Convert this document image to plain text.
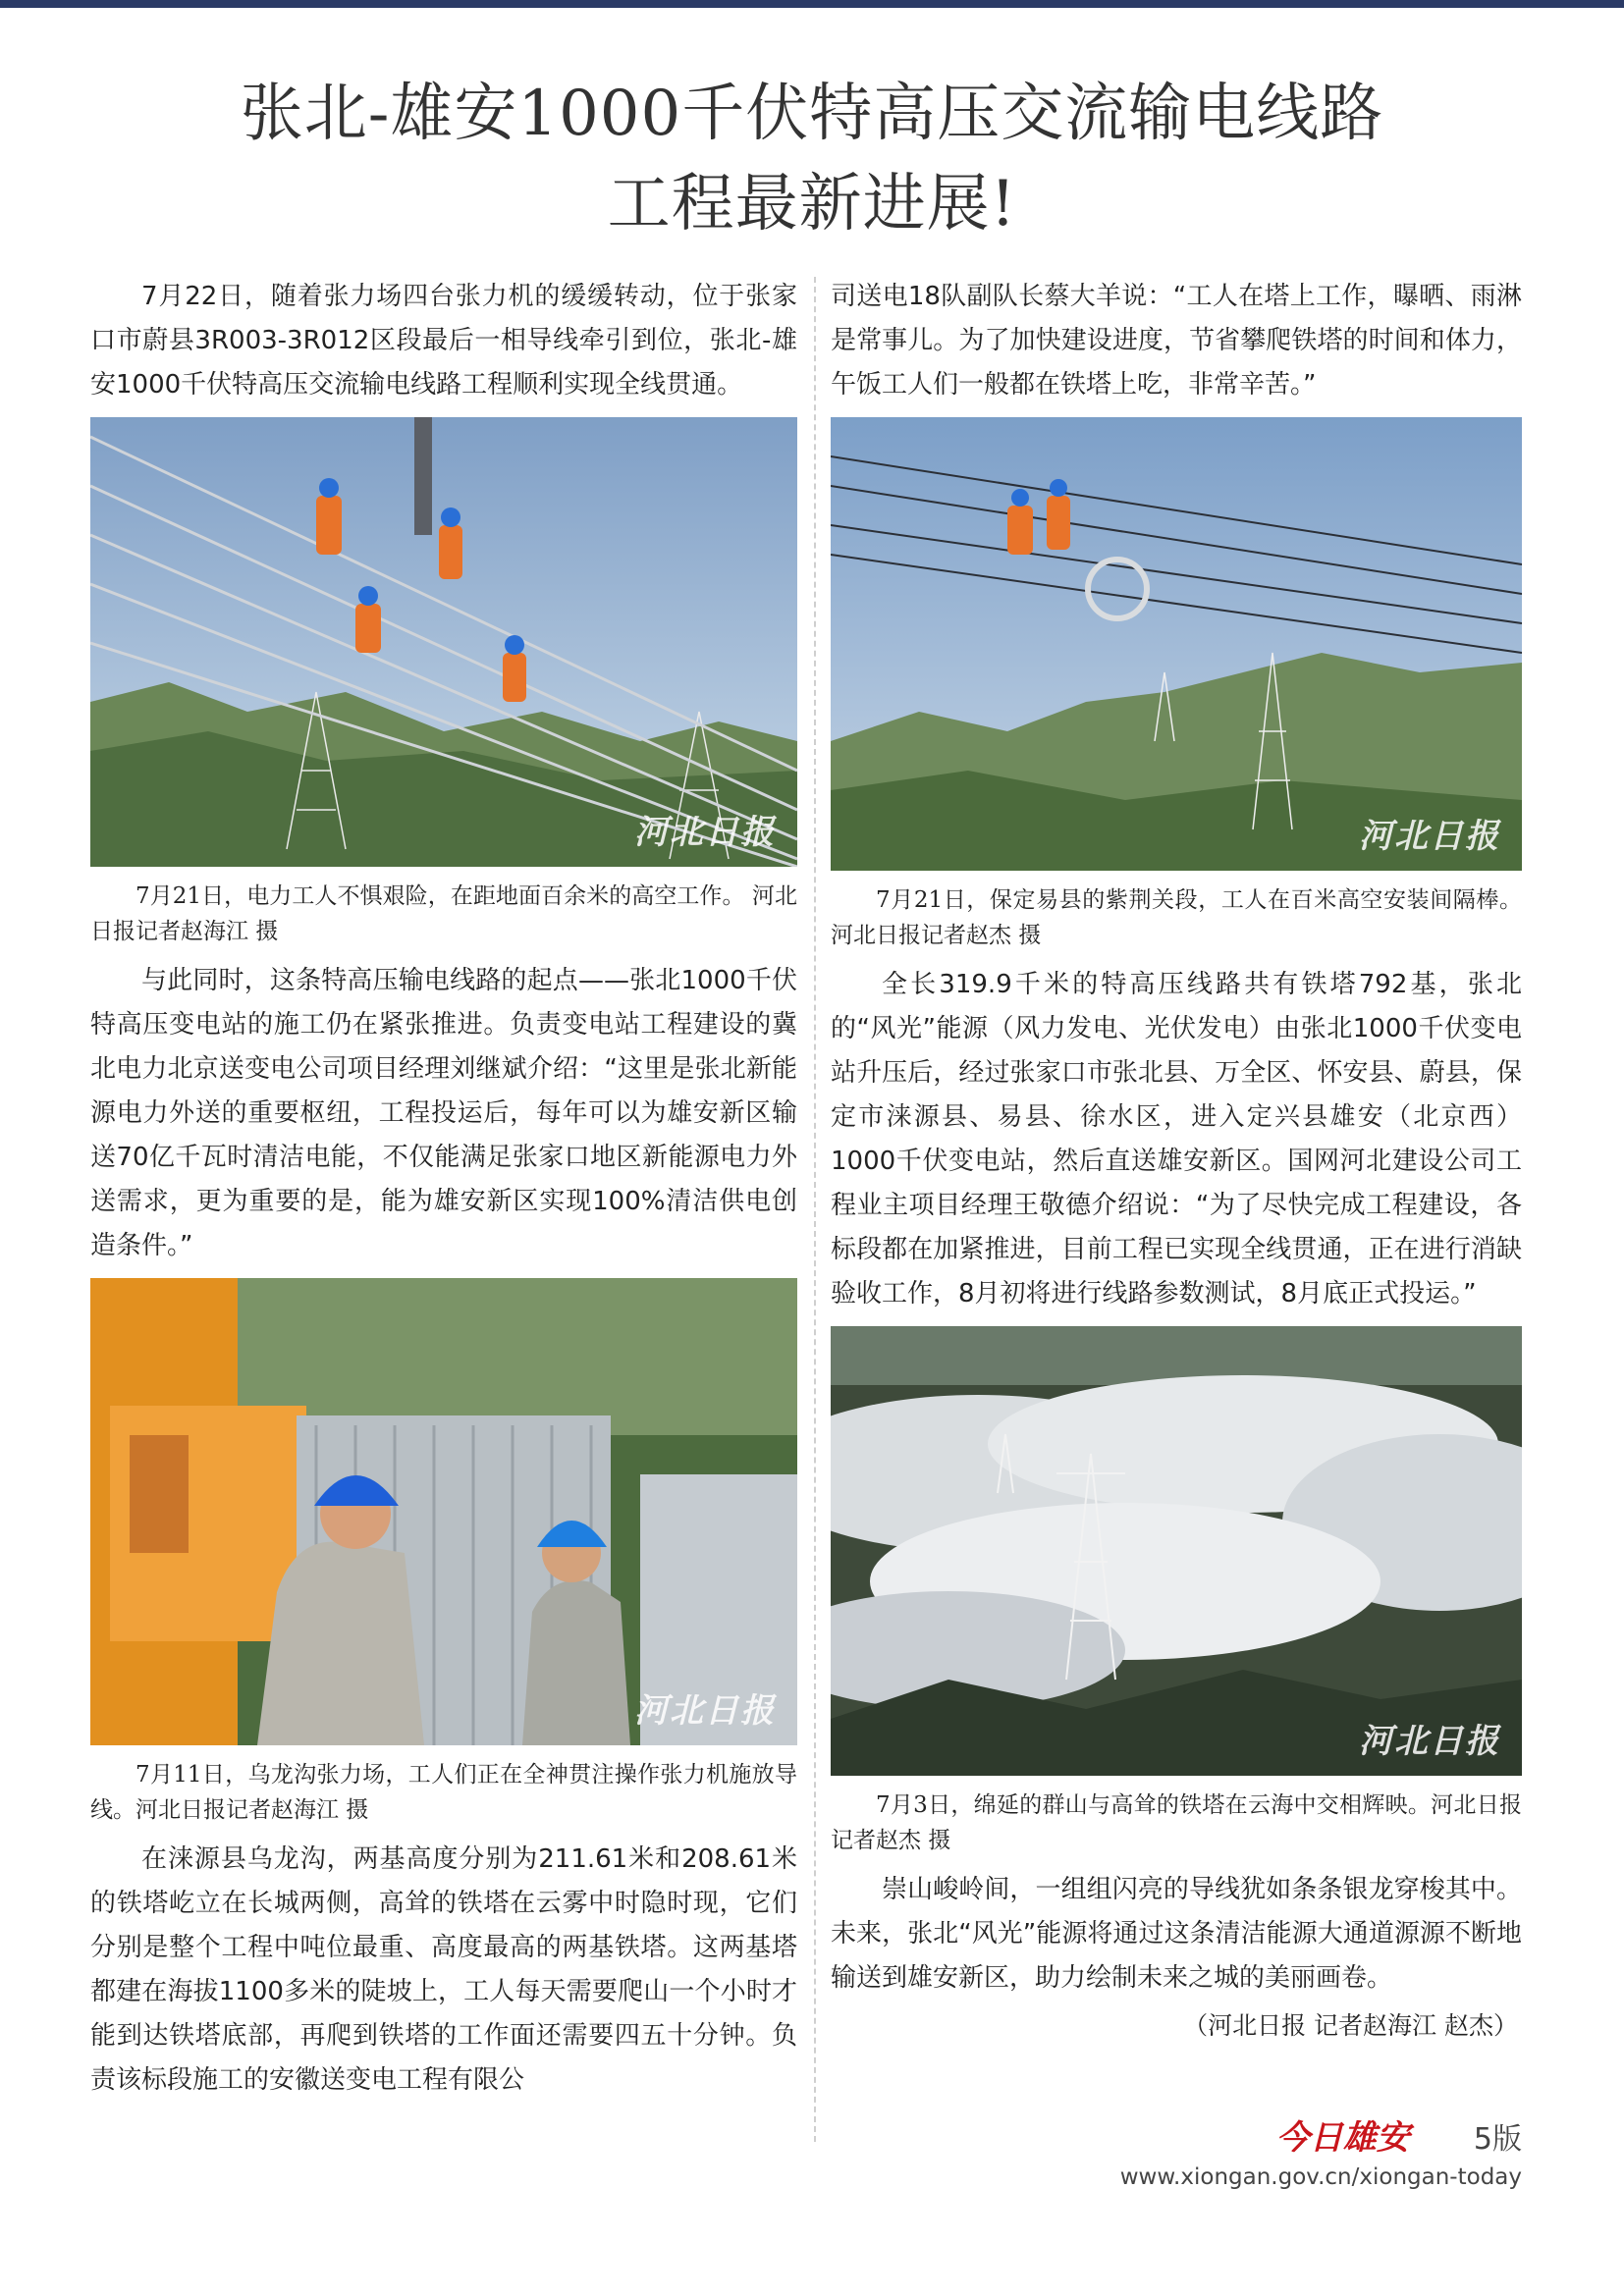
张北-雄安1000千伏特高压交流输电线路
工程最新进展!

7月22日，随着张力场四台张力机的缓缓转动，位于张家口市蔚县3R003-3R012区段最后一相导线牵引到位，张北-雄安1000千伏特高压交流输电线路工程顺利实现全线贯通。

河北日报

7月21日，电力工人不惧艰险，在距地面百余米的高空工作。 河北日报记者赵海江 摄

与此同时，这条特高压输电线路的起点——张北1000千伏特高压变电站的施工仍在紧张推进。负责变电站工程建设的冀北电力北京送变电公司项目经理刘继斌介绍：“这里是张北新能源电力外送的重要枢纽，工程投运后，每年可以为雄安新区输送70亿千瓦时清洁电能，不仅能满足张家口地区新能源电力外送需求，更为重要的是，能为雄安新区实现100%清洁供电创造条件。”

河北日报

7月11日，乌龙沟张力场，工人们正在全神贯注操作张力机施放导线。河北日报记者赵海江 摄

在涞源县乌龙沟，两基高度分别为211.61米和208.61米的铁塔屹立在长城两侧，高耸的铁塔在云雾中时隐时现，它们分别是整个工程中吨位最重、高度最高的两基铁塔。这两基塔都建在海拔1100多米的陡坡上，工人每天需要爬山一个小时才能到达铁塔底部，再爬到铁塔的工作面还需要四五十分钟。负责该标段施工的安徽送变电工程有限公

司送电18队副队长蔡大羊说：“工人在塔上工作，曝晒、雨淋是常事儿。为了加快建设进度，节省攀爬铁塔的时间和体力，午饭工人们一般都在铁塔上吃，非常辛苦。”

河北日报

7月21日，保定易县的紫荆关段，工人在百米高空安装间隔棒。河北日报记者赵杰 摄

全长319.9千米的特高压线路共有铁塔792基，张北的“风光”能源（风力发电、光伏发电）由张北1000千伏变电站升压后，经过张家口市张北县、万全区、怀安县、蔚县，保定市涞源县、易县、徐水区，进入定兴县雄安（北京西）1000千伏变电站，然后直送雄安新区。国网河北建设公司工程业主项目经理王敬德介绍说：“为了尽快完成工程建设，各标段都在加紧推进，目前工程已实现全线贯通，正在进行消缺验收工作，8月初将进行线路参数测试，8月底正式投运。”

河北日报

7月3日，绵延的群山与高耸的铁塔在云海中交相辉映。河北日报记者赵杰 摄

崇山峻岭间，一组组闪亮的导线犹如条条银龙穿梭其中。未来，张北“风光”能源将通过这条清洁能源大通道源源不断地输送到雄安新区，助力绘制未来之城的美丽画卷。

（河北日报 记者赵海江 赵杰）

今日雄安 5版
www.xiongan.gov.cn/xiongan-today
